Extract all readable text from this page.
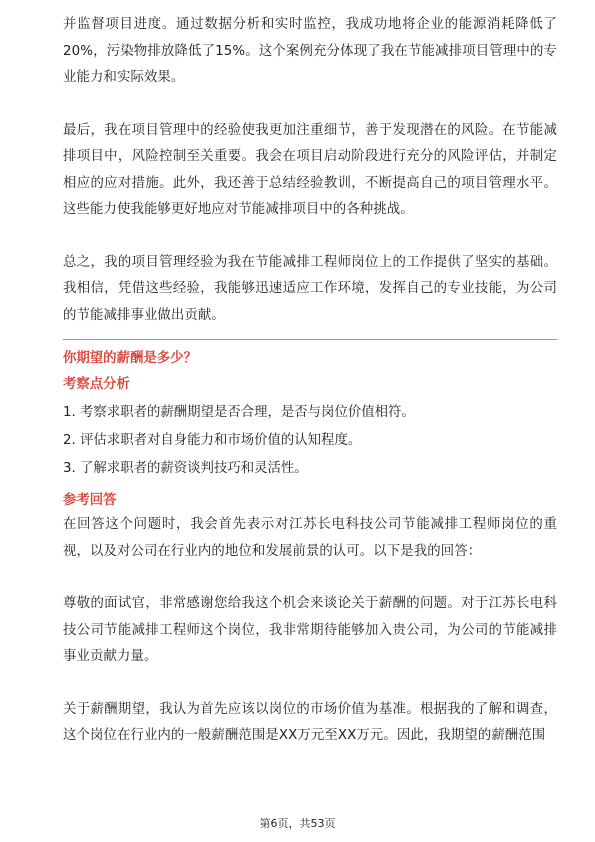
并监督项目进度。通过数据分析和实时监控，我成功地将企业的能源消耗降低了20%，污染物排放降低了15%。这个案例充分体现了我在节能减排项目管理中的专业能力和实际效果。

最后，我在项目管理中的经验使我更加注重细节，善于发现潜在的风险。在节能减排项目中，风险控制至关重要。我会在项目启动阶段进行充分的风险评估，并制定相应的应对措施。此外，我还善于总结经验教训，不断提高自己的项目管理水平。这些能力使我能够更好地应对节能减排项目中的各种挑战。

总之，我的项目管理经验为我在节能减排工程师岗位上的工作提供了坚实的基础。我相信，凭借这些经验，我能够迅速适应工作环境，发挥自己的专业技能，为公司的节能减排事业做出贡献。

你期望的薪酬是多少？
考察点分析
1. 考察求职者的薪酬期望是否合理，是否与岗位价值相符。
2. 评估求职者对自身能力和市场价值的认知程度。
3. 了解求职者的薪资谈判技巧和灵活性。
参考回答

在回答这个问题时，我会首先表示对江苏长电科技公司节能减排工程师岗位的重视，以及对公司在行业内的地位和发展前景的认可。以下是我的回答：

尊敬的面试官，非常感谢您给我这个机会来谈论关于薪酬的问题。对于江苏长电科技公司节能减排工程师这个岗位，我非常期待能够加入贵公司，为公司的节能减排事业贡献力量。

关于薪酬期望，我认为首先应该以岗位的市场价值为基准。根据我的了解和调查，这个岗位在行业内的一般薪酬范围是XX万元至XX万元。因此，我期望的薪酬范围

第6页，共53页
